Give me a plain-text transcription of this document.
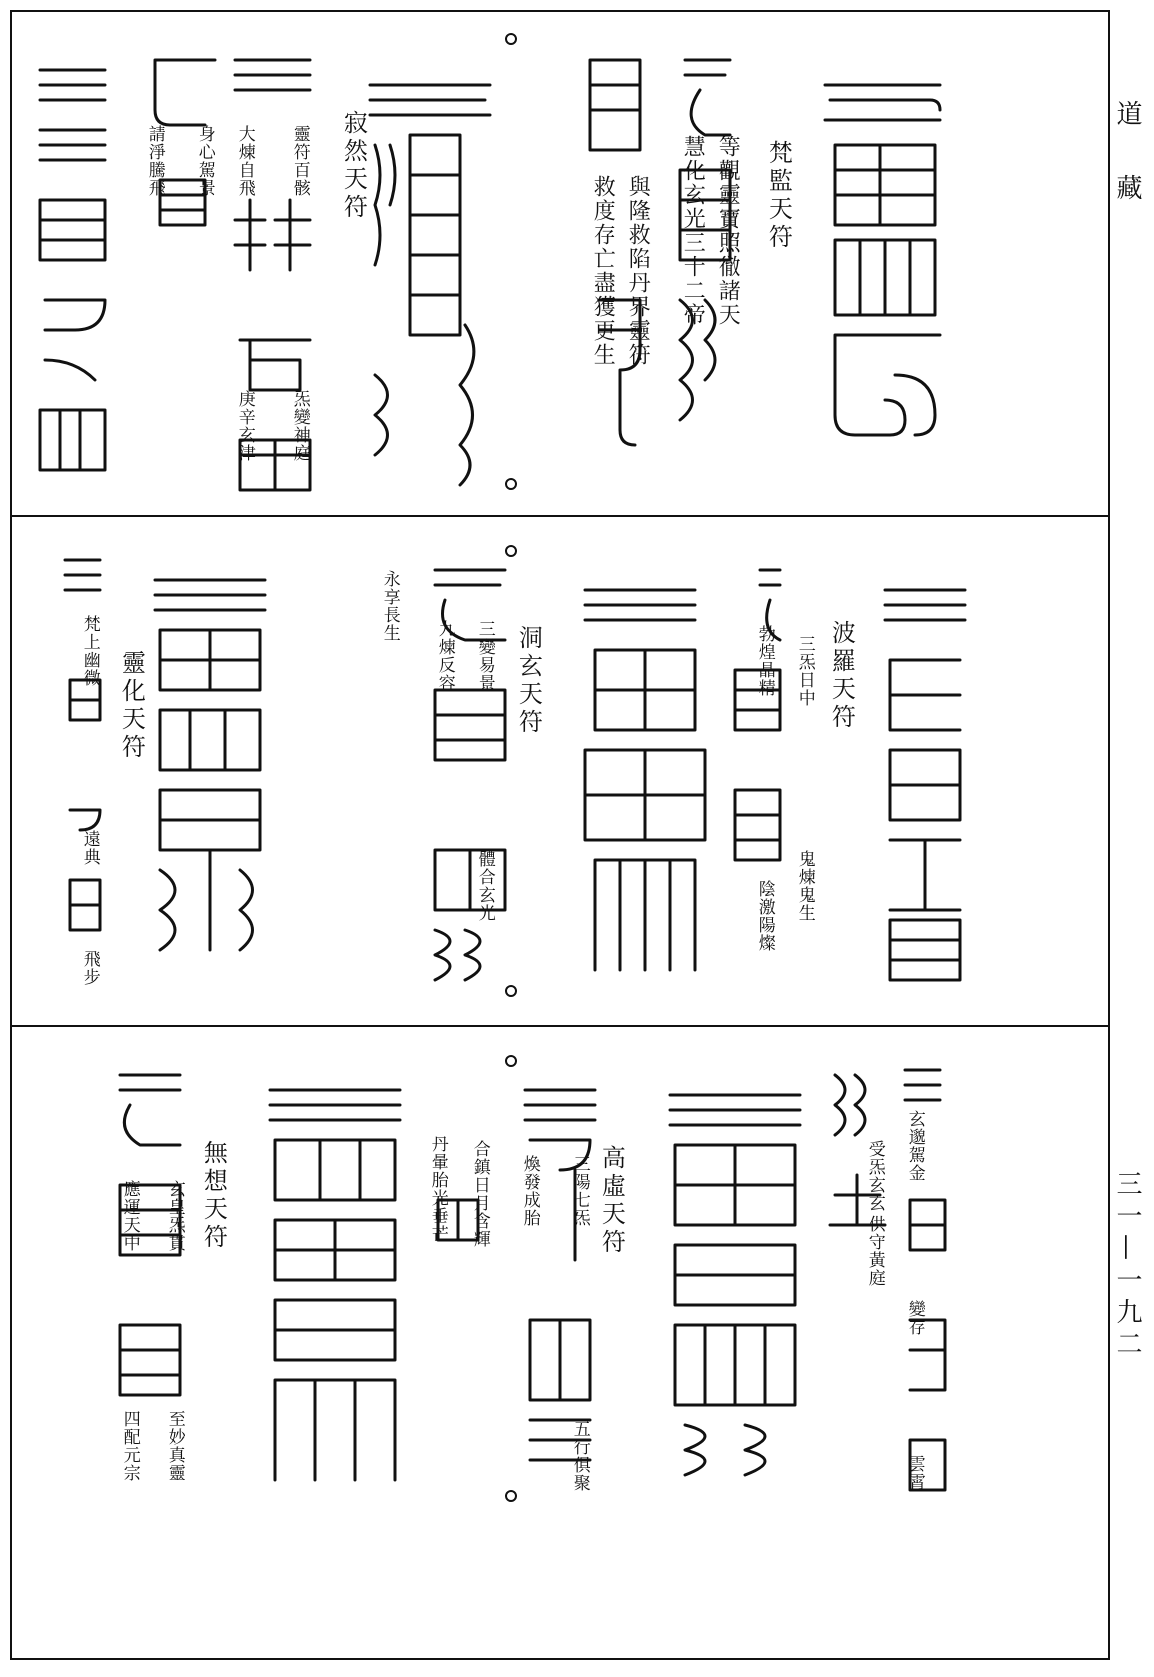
道 藏
三一—一九二
梵監天符
等觀靈寶照徹諸天
慧化玄光三十二帝
與隆救陷丹界靈符
救度存亡盡獲更生
寂然天符
靈符百骸
大煉自飛
炁變神庭
庚辛玄津
身心駕景
請淨騰飛
波羅天符
三炁日中
勃煌晶精
鬼煉鬼生
陰激陽燦
洞玄天符
三變易景
九煉反容
體合玄光
永享長生
靈化天符
梵上幽微
遠典
飛步
玄邈駕金
變存
雲霄
受炁玄玄
供守黃庭
高虛天符
三陽七炁
煥發成胎
五行俱聚
合鎮日月含輝
丹暈胎光垂芒
無想天符
玄皇炁貫
應運天中
至妙真靈
四配元宗
